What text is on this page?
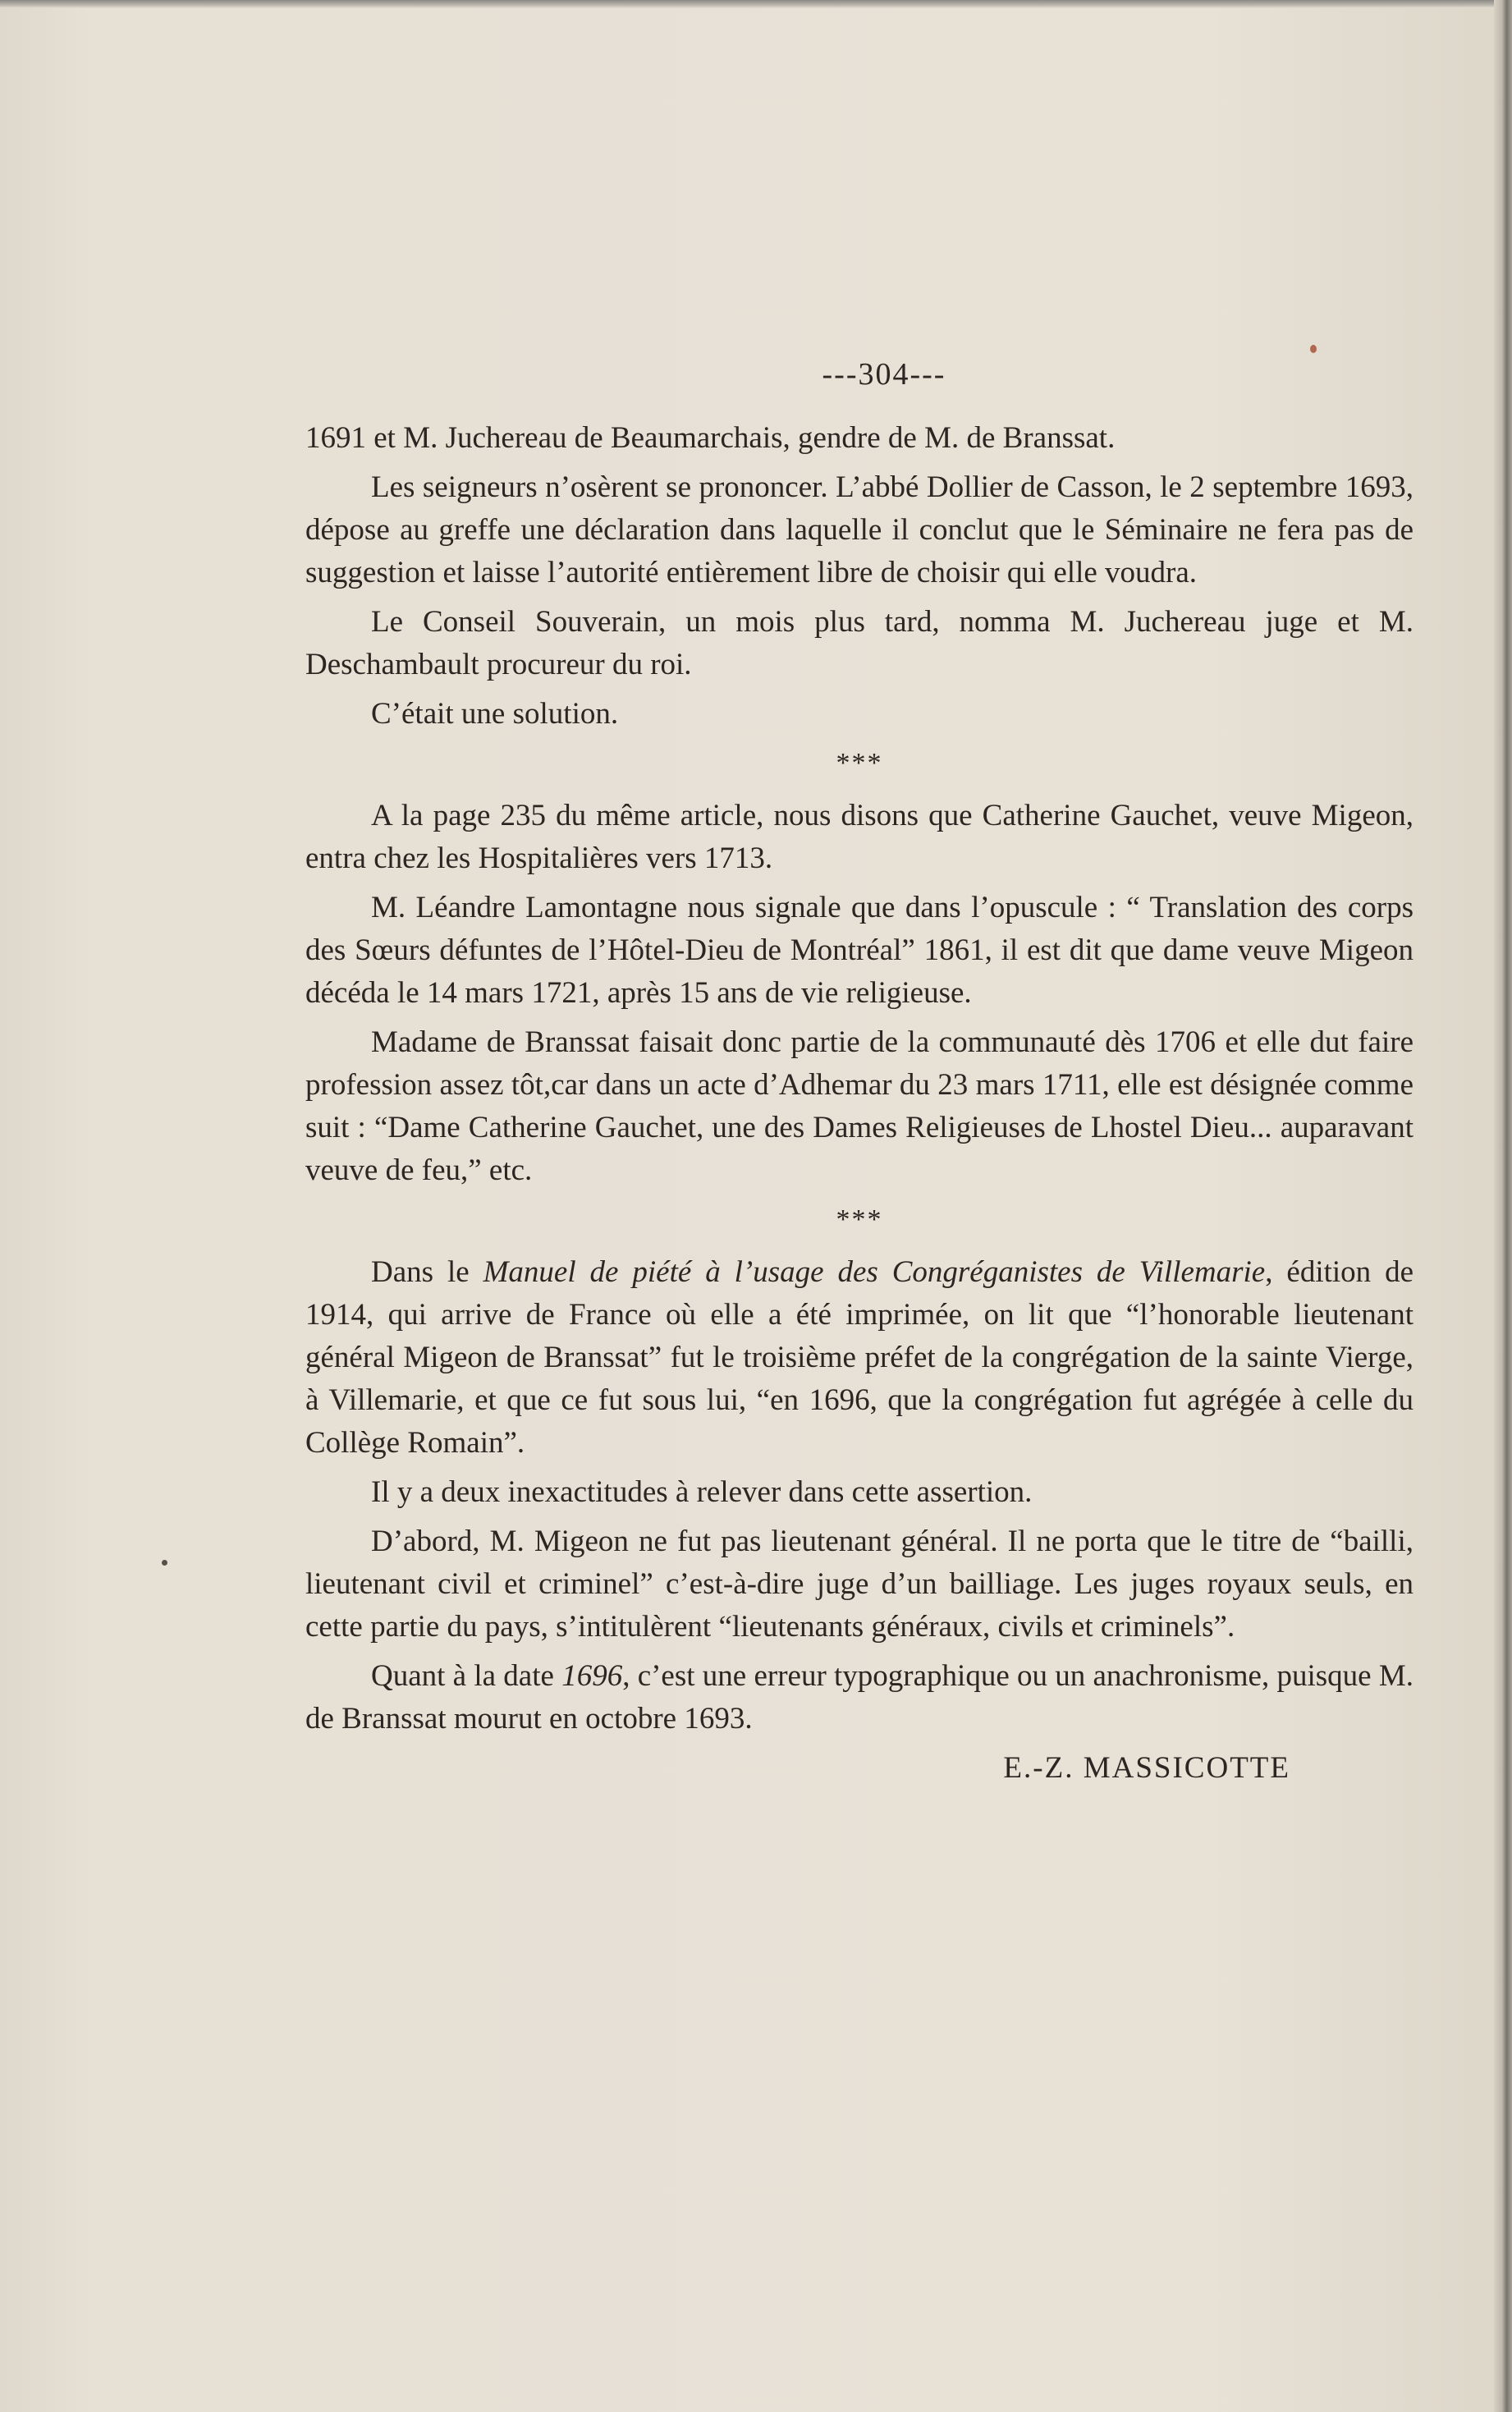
---304---

1691 et M. Juchereau de Beaumarchais, gendre de M. de Branssat.

Les seigneurs n’osèrent se prononcer. L’abbé Dollier de Casson, le 2 septembre 1693, dépose au greffe une déclaration dans laquelle il conclut que le Séminaire ne fera pas de suggestion et laisse l’autorité entièrement libre de choisir qui elle voudra.

Le Conseil Souverain, un mois plus tard, nomma M. Juchereau juge et M. Deschambault procureur du roi.

C’était une solution.

***

A la page 235 du même article, nous disons que Catherine Gauchet, veuve Migeon, entra chez les Hospitalières vers 1713.

M. Léandre Lamontagne nous signale que dans l’opuscule : “ Translation des corps des Sœurs défuntes de l’Hôtel-Dieu de Montréal” 1861, il est dit que dame veuve Migeon décéda le 14 mars 1721, après 15 ans de vie religieuse.

Madame de Branssat faisait donc partie de la communauté dès 1706 et elle dut faire profession assez tôt,car dans un acte d’Adhemar du 23 mars 1711, elle est désignée comme suit : “Dame Catherine Gauchet, une des Dames Religieuses de Lhostel Dieu... auparavant veuve de feu,” etc.

***

Dans le Manuel de piété à l’usage des Congréganistes de Villemarie, édition de 1914, qui arrive de France où elle a été imprimée, on lit que “l’honorable lieutenant général Migeon de Branssat” fut le troisième préfet de la congrégation de la sainte Vierge, à Villemarie, et que ce fut sous lui, “en 1696, que la congrégation fut agrégée à celle du Collège Romain”.

Il y a deux inexactitudes à relever dans cette assertion.

D’abord, M. Migeon ne fut pas lieutenant général. Il ne porta que le titre de “bailli, lieutenant civil et criminel” c’est-à-dire juge d’un bailliage. Les juges royaux seuls, en cette partie du pays, s’intitulèrent “lieutenants généraux, civils et criminels”.

Quant à la date 1696, c’est une erreur typographique ou un anachronisme, puisque M. de Branssat mourut en octobre 1693.

E.-Z. MASSICOTTE
